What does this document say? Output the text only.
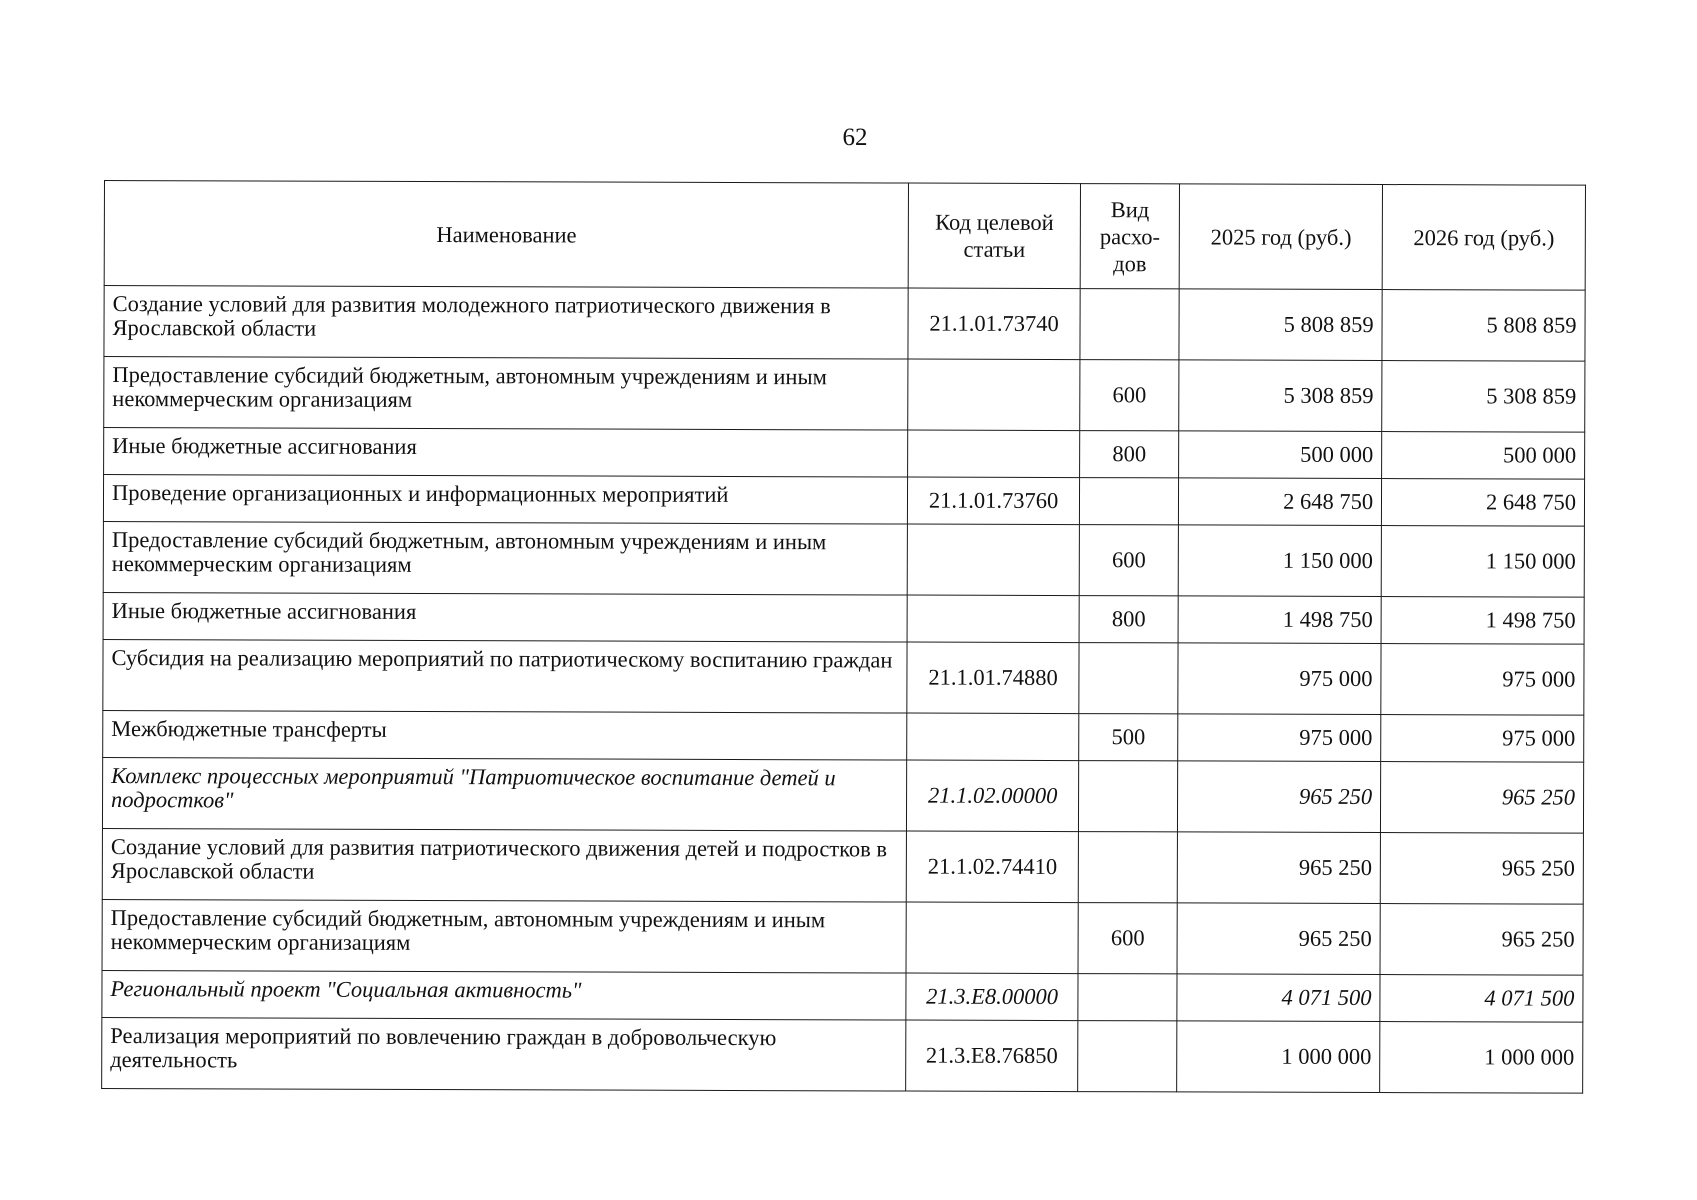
62
Наименование	Код целевой статьи	Вид расхо-дов	2025 год (руб.)	2026 год (руб.)
Создание условий для развития молодежного патриотического движения в Ярославской области	21.1.01.73740		5 808 859	5 808 859
Предоставление субсидий бюджетным, автономным учреждениям и иным некоммерческим организациям		600	5 308 859	5 308 859
Иные бюджетные ассигнования		800	500 000	500 000
Проведение организационных и информационных мероприятий	21.1.01.73760		2 648 750	2 648 750
Предоставление субсидий бюджетным, автономным учреждениям и иным некоммерческим организациям		600	1 150 000	1 150 000
Иные бюджетные ассигнования		800	1 498 750	1 498 750
Субсидия на реализацию мероприятий по патриотическому воспитанию граждан	21.1.01.74880		975 000	975 000
Межбюджетные трансферты		500	975 000	975 000
Комплекс процессных мероприятий "Патриотическое воспитание детей и подростков"	21.1.02.00000		965 250	965 250
Создание условий для развития патриотического движения детей и подростков в Ярославской области	21.1.02.74410		965 250	965 250
Предоставление субсидий бюджетным, автономным учреждениям и иным некоммерческим организациям		600	965 250	965 250
Региональный проект "Социальная активность"	21.3.E8.00000		4 071 500	4 071 500
Реализация мероприятий по вовлечению граждан в добровольческую деятельность	21.3.E8.76850		1 000 000	1 000 000
